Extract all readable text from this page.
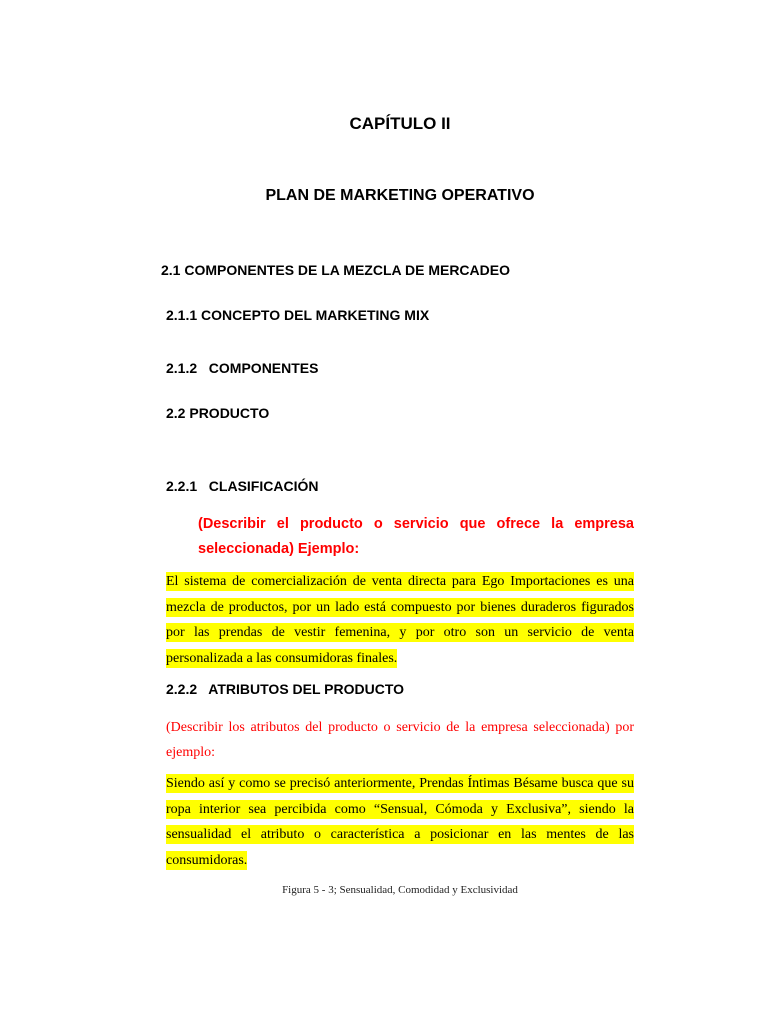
CAPÍTULO II
PLAN DE MARKETING OPERATIVO
2.1 COMPONENTES DE LA MEZCLA DE MERCADEO
2.1.1 CONCEPTO DEL MARKETING MIX
2.1.2   COMPONENTES
2.2 PRODUCTO
2.2.1   CLASIFICACIÓN
(Describir el producto o servicio que ofrece la empresa seleccionada) Ejemplo:
El sistema de comercialización de venta directa para Ego Importaciones es una mezcla de productos, por un lado está compuesto por bienes duraderos figurados por las prendas de vestir femenina, y por otro son un servicio de venta personalizada a las consumidoras finales.
2.2.2   ATRIBUTOS DEL PRODUCTO
(Describir los atributos del producto o servicio de la empresa seleccionada) por ejemplo:
Siendo así y como se precisó anteriormente, Prendas Íntimas Bésame busca que su ropa interior sea percibida como “Sensual, Cómoda y Exclusiva”, siendo la sensualidad el atributo o característica a posicionar en las mentes de las consumidoras.
Figura 5 - 3; Sensualidad, Comodidad y Exclusividad
